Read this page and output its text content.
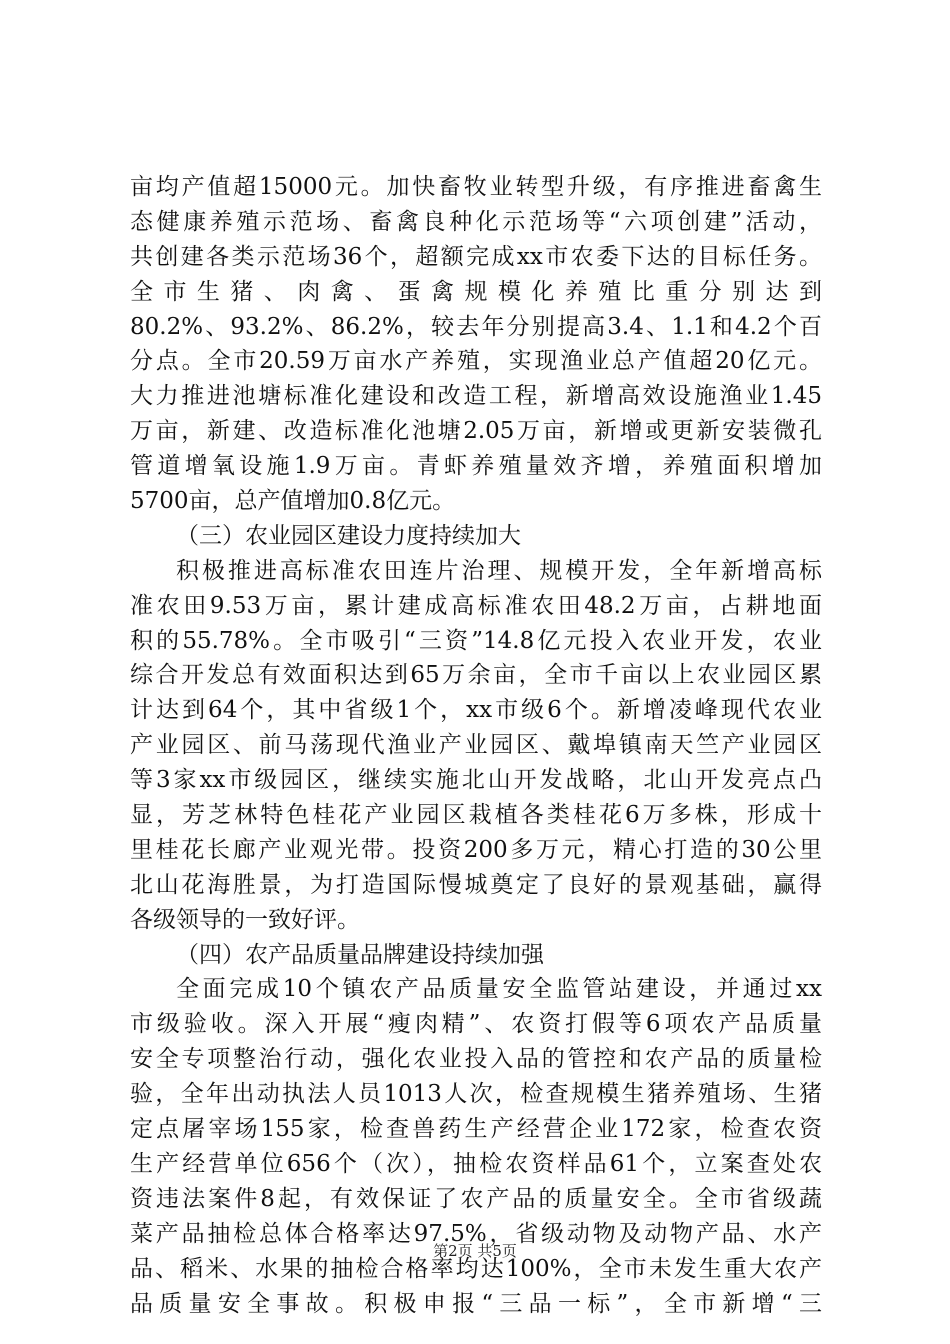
亩均产值超15000元。加快畜牧业转型升级，有序推进畜禽生
态健康养殖示范场、畜禽良种化示范场等“六项创建”活动，
共创建各类示范场36个，超额完成xx市农委下达的目标任务。
全市生猪、肉禽、蛋禽规模化养殖比重分别达到
80.2%、93.2%、86.2%，较去年分别提高3.4、1.1和4.2个百
分点。全市20.59万亩水产养殖，实现渔业总产值超20亿元。
大力推进池塘标准化建设和改造工程，新增高效设施渔业1.45
万亩，新建、改造标准化池塘2.05万亩，新增或更新安装微孔
管道增氧设施1.9万亩。青虾养殖量效齐增，养殖面积增加
5700亩，总产值增加0.8亿元。
（三）农业园区建设力度持续加大
积极推进高标准农田连片治理、规模开发，全年新增高标
准农田9.53万亩，累计建成高标准农田48.2万亩，占耕地面
积的55.78%。全市吸引“三资”14.8亿元投入农业开发，农业
综合开发总有效面积达到65万余亩，全市千亩以上农业园区累
计达到64个，其中省级1个，xx市级6个。新增凌峰现代农业
产业园区、前马荡现代渔业产业园区、戴埠镇南天竺产业园区
等3家xx市级园区，继续实施北山开发战略，北山开发亮点凸
显，芳芝林特色桂花产业园区栽植各类桂花6万多株，形成十
里桂花长廊产业观光带。投资200多万元，精心打造的30公里
北山花海胜景，为打造国际慢城奠定了良好的景观基础，赢得
各级领导的一致好评。
（四）农产品质量品牌建设持续加强
全面完成10个镇农产品质量安全监管站建设，并通过xx
市级验收。深入开展“瘦肉精”、农资打假等6项农产品质量
安全专项整治行动，强化农业投入品的管控和农产品的质量检
验，全年出动执法人员1013人次，检查规模生猪养殖场、生猪
定点屠宰场155家，检查兽药生产经营企业172家，检查农资
生产经营单位656个（次），抽检农资样品61个，立案查处农
资违法案件8起，有效保证了农产品的质量安全。全市省级蔬
菜产品抽检总体合格率达97.5%，省级动物及动物产品、水产
品、稻米、水果的抽检合格率均达100%，全市未发生重大农产
品质量安全事故。积极申报“三品一标”，全市新增“三
第2页 共5页
